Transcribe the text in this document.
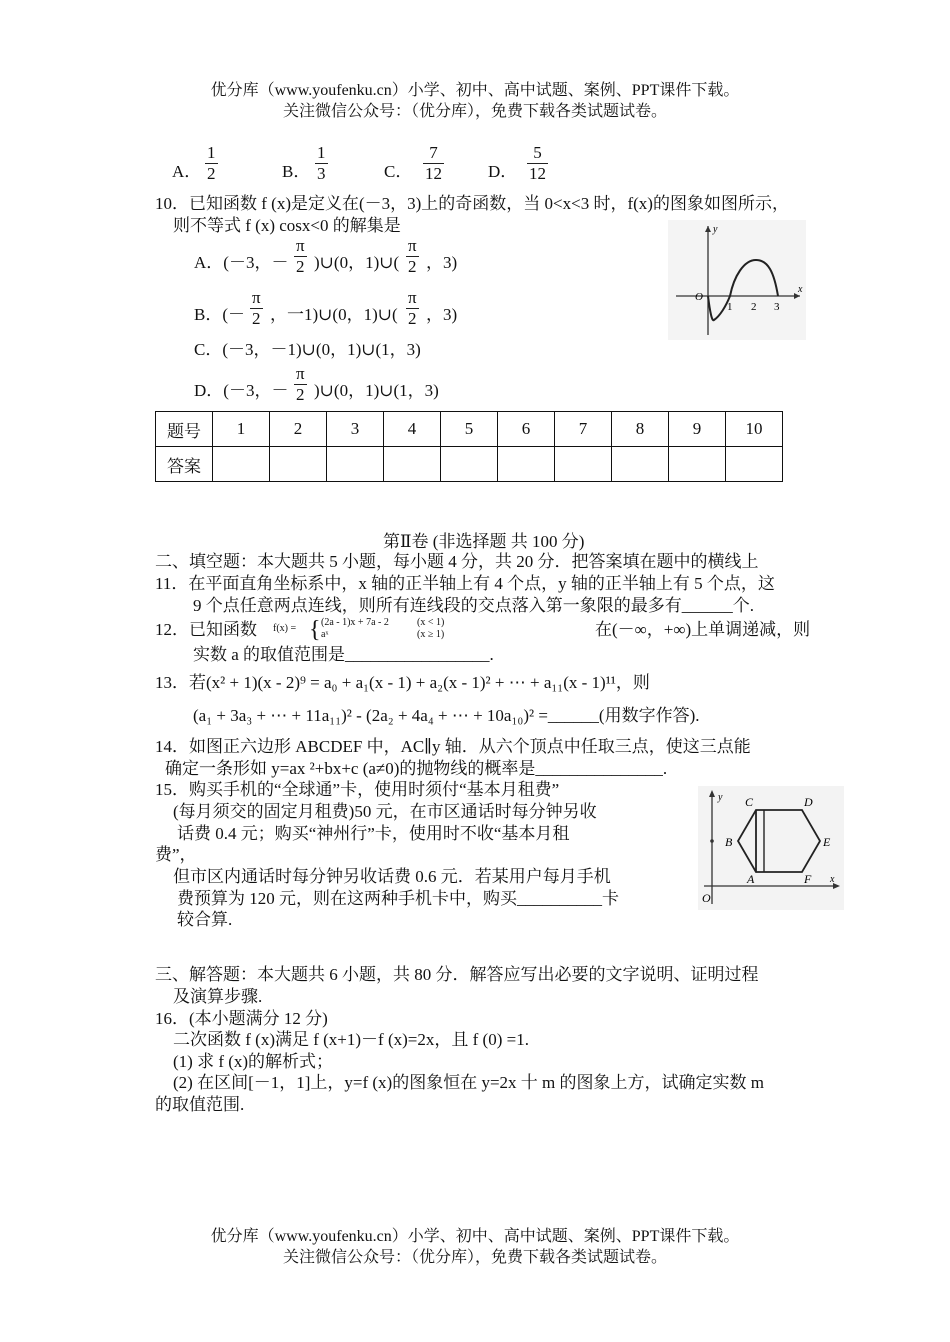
优分库（www.youfenku.cn）小学、初中、高中试题、案例、PPT课件下载。
关注微信公众号：（优分库），免费下载各类试题试卷。
A． $\frac{1}{2}$	B． $\frac{1}{3}$	C． $\frac{7}{12}$	D． $\frac{5}{12}$
10．已知函数 f (x)是定义在(－3，3)上的奇函数，当 0<x<3 时，f(x)的图象如图所示，
则不等式 f (x) cosx<0 的解集是
A．(－3，－ $\frac{\pi}{2}$ )∪(0，1)∪( $\frac{\pi}{2}$ ，3)
B．(－ $\frac{\pi}{2}$ ，一1)∪(0，1)∪( $\frac{\pi}{2}$ ，3)
C．(－3，－1)∪(0，1)∪(1，3)
D．(－3，－ $\frac{\pi}{2}$ )∪(0，1)∪(1，3)
O
1 2 3
x
y
题号	1	2	3	4	5	6	7	8	9	10
答案										
第Ⅱ卷 (非选择题 共 100 分)
二、填空题：本大题共 5 小题，每小题 4 分，共 20 分．把答案填在题中的横线上
11．在平面直角坐标系中，x 轴的正半轴上有 4 个点，y 轴的正半轴上有 5 个点，这
9 个点任意两点连线，则所有连线段的交点落入第一象限的最多有______个.
12．已知函数 f(x) = { (2a - 1)x + 7a - 2
aˣ
(x < 1)
(x ≥ 1)	在(－∞，+∞)上单调递减，则
实数 a 的取值范围是_________________.
13．若(x² + 1)(x - 2)⁹ = a₀ + a₁(x - 1) + a₂(x - 1)² + ⋯ + a₁₁(x - 1)¹¹，则
(a₁ + 3a₃ + ⋯ + 11a₁₁)² - (2a₂ + 4a₄ + ⋯ + 10a₁₀)² =______(用数字作答).
14．如图正六边形 ABCDEF 中，AC∥y 轴．从六个顶点中任取三点，使这三点能
确定一条形如 y=ax ²+bx+c (a≠0)的抛物线的概率是_______________.
15．购买手机的“全球通”卡，使用时须付“基本月租费”
(每月须交的固定月租费)50 元，在市区通话时每分钟另收
话费 0.4 元；购买“神州行”卡，使用时不收“基本月租
费”，
但市区内通话时每分钟另收话费 0.6 元．若某用户每月手机
费预算为 120 元，则在这两种手机卡中，购买__________卡
较合算.
A
B
C	D
E
F
O
x
y
三、解答题：本大题共 6 小题，共 80 分．解答应写出必要的文字说明、证明过程
及演算步骤.
16．(本小题满分 12 分)
二次函数 f (x)满足 f (x+1)－f (x)=2x，且 f (0) =1.
(1) 求 f (x)的解析式；
(2) 在区间[－1，1]上，y=f (x)的图象恒在 y=2x 十 m 的图象上方，试确定实数 m
的取值范围.
优分库（www.youfenku.cn）小学、初中、高中试题、案例、PPT课件下载。
关注微信公众号：（优分库），免费下载各类试题试卷。
